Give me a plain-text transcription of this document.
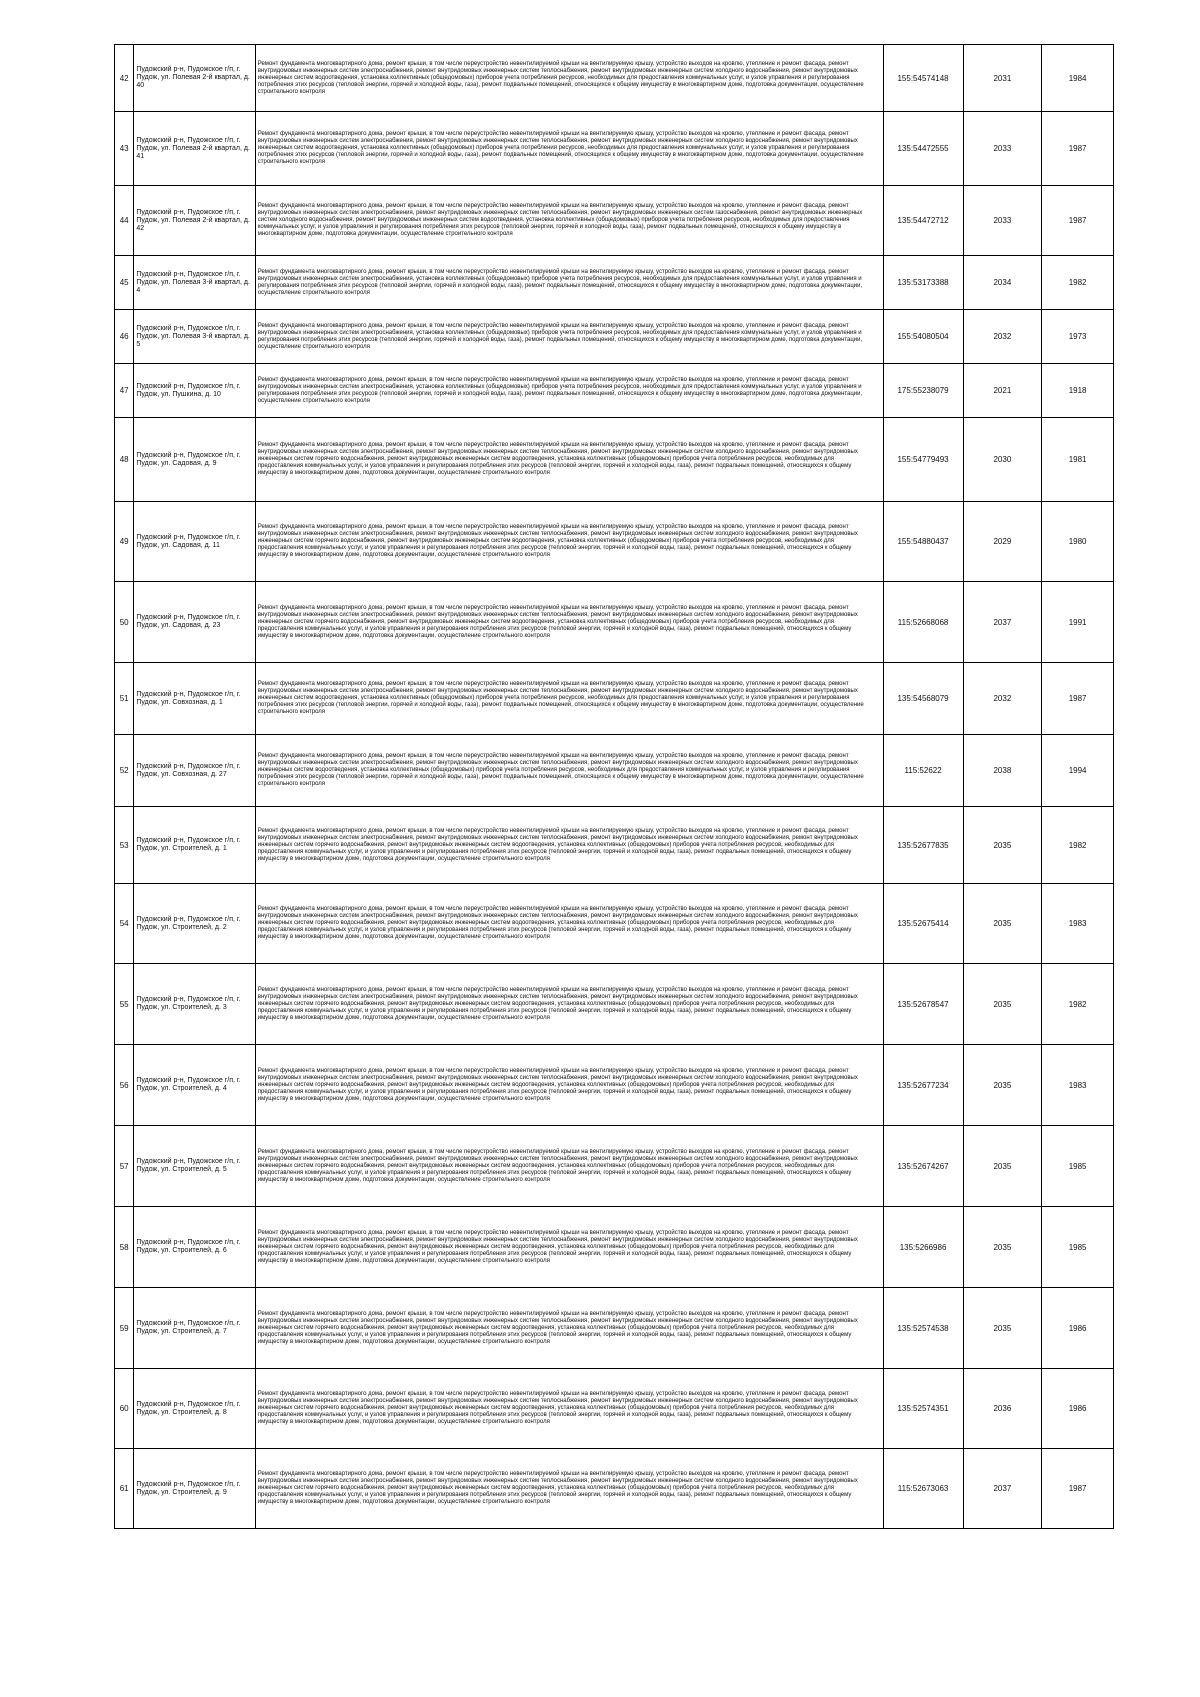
42	Пудожский р-н, Пудожское г/п, г. Пудож, ул. Полевая 2-й квартал, д. 40	Ремонт фундамента многоквартирного дома, ремонт крыши, в том числе переустройство невентилируемой крыши на вентилируемую крышу, устройство выходов на кровлю, утепление и ремонт фасада, ремонт внутридомовых инженерных систем электроснабжения, ремонт внутридомовых инженерных систем теплоснабжения, ремонт внутридомовых инженерных систем холодного водоснабжения, ремонт внутридомовых инженерных систем водоотведения, установка коллективных (общедомовых) приборов учета потребления ресурсов, необходимых для предоставления коммунальных услуг, и узлов управления и регулирования потребления этих ресурсов (тепловой энергии, горячей и холодной воды, газа), ремонт подвальных помещений, относящихся к общему имуществу в многоквартирном доме, подготовка документации, осуществление строительного контроля	155:54574148	2031	1984
43	Пудожский р-н, Пудожское г/п, г. Пудож, ул. Полевая 2-й квартал, д. 41	Ремонт фундамента многоквартирного дома, ремонт крыши, в том числе переустройство невентилируемой крыши на вентилируемую крышу, устройство выходов на кровлю, утепление и ремонт фасада, ремонт внутридомовых инженерных систем электроснабжения, ремонт внутридомовых инженерных систем теплоснабжения, ремонт внутридомовых инженерных систем холодного водоснабжения, ремонт внутридомовых инженерных систем водоотведения, установка коллективных (общедомовых) приборов учета потребления ресурсов, необходимых для предоставления коммунальных услуг, и узлов управления и регулирования потребления этих ресурсов (тепловой энергии, горячей и холодной воды, газа), ремонт подвальных помещений, относящихся к общему имуществу в многоквартирном доме, подготовка документации, осуществление строительного контроля	135:54472555	2033	1987
44	Пудожский р-н, Пудожское г/п, г. Пудож, ул. Полевая 2-й квартал, д. 42	Ремонт фундамента многоквартирного дома, ремонт крыши, в том числе переустройство невентилируемой крыши на вентилируемую крышу, устройство выходов на кровлю, утепление и ремонт фасада, ремонт внутридомовых инженерных систем электроснабжения, ремонт внутридомовых инженерных систем теплоснабжения, ремонт внутридомовых инженерных систем газоснабжения, ремонт внутридомовых инженерных систем холодного водоснабжения, ремонт внутридомовых инженерных систем водоотведения, установка коллективных (общедомовых) приборов учета потребления ресурсов, необходимых для предоставления коммунальных услуг, и узлов управления и регулирования потребления этих ресурсов (тепловой энергии, горячей и холодной воды, газа), ремонт подвальных помещений, относящихся к общему имуществу в многоквартирном доме, подготовка документации, осуществление строительного контроля	135:54472712	2033	1987
45	Пудожский р-н, Пудожское г/п, г. Пудож, ул. Полевая 3-й квартал, д. 4	Ремонт фундамента многоквартирного дома, ремонт крыши, в том числе переустройство невентилируемой крыши на вентилируемую крышу, устройство выходов на кровлю, утепление и ремонт фасада, ремонт внутридомовых инженерных систем электроснабжения, установка коллективных (общедомовых) приборов учета потребления ресурсов, необходимых для предоставления коммунальных услуг, и узлов управления и регулирования потребления этих ресурсов (тепловой энергии, горячей и холодной воды, газа), ремонт подвальных помещений, относящихся к общему имуществу в многоквартирном доме, подготовка документации, осуществление строительного контроля	135:53173388	2034	1982
46	Пудожский р-н, Пудожское г/п, г. Пудож, ул. Полевая 3-й квартал, д. 5	Ремонт фундамента многоквартирного дома, ремонт крыши, в том числе переустройство невентилируемой крыши на вентилируемую крышу, устройство выходов на кровлю, утепление и ремонт фасада, ремонт внутридомовых инженерных систем электроснабжения, установка коллективных (общедомовых) приборов учета потребления ресурсов, необходимых для предоставления коммунальных услуг, и узлов управления и регулирования потребления этих ресурсов (тепловой энергии, горячей и холодной воды, газа), ремонт подвальных помещений, относящихся к общему имуществу в многоквартирном доме, подготовка документации, осуществление строительного контроля	155:54080504	2032	1973
47	Пудожский р-н, Пудожское г/п, г. Пудож, ул. Пушкина, д. 10	Ремонт фундамента многоквартирного дома, ремонт крыши, в том числе переустройство невентилируемой крыши на вентилируемую крышу, устройство выходов на кровлю, утепление и ремонт фасада, ремонт внутридомовых инженерных систем электроснабжения, установка коллективных (общедомовых) приборов учета потребления ресурсов, необходимых для предоставления коммунальных услуг, и узлов управления и регулирования потребления этих ресурсов (тепловой энергии, горячей и холодной воды, газа), ремонт подвальных помещений, относящихся к общему имуществу в многоквартирном доме, подготовка документации, осуществление строительного контроля	175:55238079	2021	1918
48	Пудожский р-н, Пудожское г/п, г. Пудож, ул. Садовая, д. 9	Ремонт фундамента многоквартирного дома, ремонт крыши, в том числе переустройство невентилируемой крыши на вентилируемую крышу, устройство выходов на кровлю, утепление и ремонт фасада, ремонт внутридомовых инженерных систем электроснабжения, ремонт внутридомовых инженерных систем теплоснабжения, ремонт внутридомовых инженерных систем холодного водоснабжения, ремонт внутридомовых инженерных систем горячего водоснабжения, ремонт внутридомовых инженерных систем водоотведения, установка коллективных (общедомовых) приборов учета потребления ресурсов, необходимых для предоставления коммунальных услуг, и узлов управления и регулирования потребления этих ресурсов (тепловой энергии, горячей и холодной воды, газа), ремонт подвальных помещений, относящихся к общему имуществу в многоквартирном доме, подготовка документации, осуществление строительного контроля	155:54779493	2030	1981
49	Пудожский р-н, Пудожское г/п, г. Пудож, ул. Садовая, д. 11	Ремонт фундамента многоквартирного дома, ремонт крыши, в том числе переустройство невентилируемой крыши на вентилируемую крышу, устройство выходов на кровлю, утепление и ремонт фасада, ремонт внутридомовых инженерных систем электроснабжения, ремонт внутридомовых инженерных систем теплоснабжения, ремонт внутридомовых инженерных систем холодного водоснабжения, ремонт внутридомовых инженерных систем горячего водоснабжения, ремонт внутридомовых инженерных систем водоотведения, установка коллективных (общедомовых) приборов учета потребления ресурсов, необходимых для предоставления коммунальных услуг, и узлов управления и регулирования потребления этих ресурсов (тепловой энергии, горячей и холодной воды, газа), ремонт подвальных помещений, относящихся к общему имуществу в многоквартирном доме, подготовка документации, осуществление строительного контроля	155:54880437	2029	1980
50	Пудожский р-н, Пудожское г/п, г. Пудож, ул. Садовая, д. 23	Ремонт фундамента многоквартирного дома, ремонт крыши, в том числе переустройство невентилируемой крыши на вентилируемую крышу, устройство выходов на кровлю, утепление и ремонт фасада, ремонт внутридомовых инженерных систем электроснабжения, ремонт внутридомовых инженерных систем теплоснабжения, ремонт внутридомовых инженерных систем холодного водоснабжения, ремонт внутридомовых инженерных систем горячего водоснабжения, ремонт внутридомовых инженерных систем водоотведения, установка коллективных (общедомовых) приборов учета потребления ресурсов, необходимых для предоставления коммунальных услуг, и узлов управления и регулирования потребления этих ресурсов (тепловой энергии, горячей и холодной воды, газа), ремонт подвальных помещений, относящихся к общему имуществу в многоквартирном доме, подготовка документации, осуществление строительного контроля	115:52668068	2037	1991
51	Пудожский р-н, Пудожское г/п, г. Пудож, ул. Совхозная, д. 1	Ремонт фундамента многоквартирного дома, ремонт крыши, в том числе переустройство невентилируемой крыши на вентилируемую крышу, устройство выходов на кровлю, утепление и ремонт фасада, ремонт внутридомовых инженерных систем электроснабжения, ремонт внутридомовых инженерных систем теплоснабжения, ремонт внутридомовых инженерных систем холодного водоснабжения, ремонт внутридомовых инженерных систем водоотведения, установка коллективных (общедомовых) приборов учета потребления ресурсов, необходимых для предоставления коммунальных услуг, и узлов управления и регулирования потребления этих ресурсов (тепловой энергии, горячей и холодной воды, газа), ремонт подвальных помещений, относящихся к общему имуществу в многоквартирном доме, подготовка документации, осуществление строительного контроля	135:54568079	2032	1987
52	Пудожский р-н, Пудожское г/п, г. Пудож, ул. Совхозная, д. 27	Ремонт фундамента многоквартирного дома, ремонт крыши, в том числе переустройство невентилируемой крыши на вентилируемую крышу, устройство выходов на кровлю, утепление и ремонт фасада, ремонт внутридомовых инженерных систем электроснабжения, ремонт внутридомовых инженерных систем теплоснабжения, ремонт внутридомовых инженерных систем холодного водоснабжения, ремонт внутридомовых инженерных систем водоотведения, установка коллективных (общедомовых) приборов учета потребления ресурсов, необходимых для предоставления коммунальных услуг, и узлов управления и регулирования потребления этих ресурсов (тепловой энергии, горячей и холодной воды, газа), ремонт подвальных помещений, относящихся к общему имуществу в многоквартирном доме, подготовка документации, осуществление строительного контроля	115:52622	2038	1994
53	Пудожский р-н, Пудожское г/п, г. Пудож, ул. Строителей, д. 1	Ремонт фундамента многоквартирного дома, ремонт крыши, в том числе переустройство невентилируемой крыши на вентилируемую крышу, устройство выходов на кровлю, утепление и ремонт фасада, ремонт внутридомовых инженерных систем электроснабжения, ремонт внутридомовых инженерных систем теплоснабжения, ремонт внутридомовых инженерных систем холодного водоснабжения, ремонт внутридомовых инженерных систем горячего водоснабжения, ремонт внутридомовых инженерных систем водоотведения, установка коллективных (общедомовых) приборов учета потребления ресурсов, необходимых для предоставления коммунальных услуг, и узлов управления и регулирования потребления этих ресурсов (тепловой энергии, горячей и холодной воды, газа), ремонт подвальных помещений, относящихся к общему имуществу в многоквартирном доме, подготовка документации, осуществление строительного контроля	135:52677835	2035	1982
54	Пудожский р-н, Пудожское г/п, г. Пудож, ул. Строителей, д. 2	Ремонт фундамента многоквартирного дома, ремонт крыши, в том числе переустройство невентилируемой крыши на вентилируемую крышу, устройство выходов на кровлю, утепление и ремонт фасада, ремонт внутридомовых инженерных систем электроснабжения, ремонт внутридомовых инженерных систем теплоснабжения, ремонт внутридомовых инженерных систем холодного водоснабжения, ремонт внутридомовых инженерных систем горячего водоснабжения, ремонт внутридомовых инженерных систем водоотведения, установка коллективных (общедомовых) приборов учета потребления ресурсов, необходимых для предоставления коммунальных услуг, и узлов управления и регулирования потребления этих ресурсов (тепловой энергии, горячей и холодной воды, газа), ремонт подвальных помещений, относящихся к общему имуществу в многоквартирном доме, подготовка документации, осуществление строительного контроля	135:52675414	2035	1983
55	Пудожский р-н, Пудожское г/п, г. Пудож, ул. Строителей, д. 3	Ремонт фундамента многоквартирного дома, ремонт крыши, в том числе переустройство невентилируемой крыши на вентилируемую крышу, устройство выходов на кровлю, утепление и ремонт фасада, ремонт внутридомовых инженерных систем электроснабжения, ремонт внутридомовых инженерных систем теплоснабжения, ремонт внутридомовых инженерных систем холодного водоснабжения, ремонт внутридомовых инженерных систем горячего водоснабжения, ремонт внутридомовых инженерных систем водоотведения, установка коллективных (общедомовых) приборов учета потребления ресурсов, необходимых для предоставления коммунальных услуг, и узлов управления и регулирования потребления этих ресурсов (тепловой энергии, горячей и холодной воды, газа), ремонт подвальных помещений, относящихся к общему имуществу в многоквартирном доме, подготовка документации, осуществление строительного контроля	135:52678547	2035	1982
56	Пудожский р-н, Пудожское г/п, г. Пудож, ул. Строителей, д. 4	Ремонт фундамента многоквартирного дома, ремонт крыши, в том числе переустройство невентилируемой крыши на вентилируемую крышу, устройство выходов на кровлю, утепление и ремонт фасада, ремонт внутридомовых инженерных систем электроснабжения, ремонт внутридомовых инженерных систем теплоснабжения, ремонт внутридомовых инженерных систем холодного водоснабжения, ремонт внутридомовых инженерных систем горячего водоснабжения, ремонт внутридомовых инженерных систем водоотведения, установка коллективных (общедомовых) приборов учета потребления ресурсов, необходимых для предоставления коммунальных услуг, и узлов управления и регулирования потребления этих ресурсов (тепловой энергии, горячей и холодной воды, газа), ремонт подвальных помещений, относящихся к общему имуществу в многоквартирном доме, подготовка документации, осуществление строительного контроля	135:52677234	2035	1983
57	Пудожский р-н, Пудожское г/п, г. Пудож, ул. Строителей, д. 5	Ремонт фундамента многоквартирного дома, ремонт крыши, в том числе переустройство невентилируемой крыши на вентилируемую крышу, устройство выходов на кровлю, утепление и ремонт фасада, ремонт внутридомовых инженерных систем электроснабжения, ремонт внутридомовых инженерных систем теплоснабжения, ремонт внутридомовых инженерных систем холодного водоснабжения, ремонт внутридомовых инженерных систем горячего водоснабжения, ремонт внутридомовых инженерных систем водоотведения, установка коллективных (общедомовых) приборов учета потребления ресурсов, необходимых для предоставления коммунальных услуг, и узлов управления и регулирования потребления этих ресурсов (тепловой энергии, горячей и холодной воды, газа), ремонт подвальных помещений, относящихся к общему имуществу в многоквартирном доме, подготовка документации, осуществление строительного контроля	135:52674267	2035	1985
58	Пудожский р-н, Пудожское г/п, г. Пудож, ул. Строителей, д. 6	Ремонт фундамента многоквартирного дома, ремонт крыши, в том числе переустройство невентилируемой крыши на вентилируемую крышу, устройство выходов на кровлю, утепление и ремонт фасада, ремонт внутридомовых инженерных систем электроснабжения, ремонт внутридомовых инженерных систем теплоснабжения, ремонт внутридомовых инженерных систем холодного водоснабжения, ремонт внутридомовых инженерных систем горячего водоснабжения, ремонт внутридомовых инженерных систем водоотведения, установка коллективных (общедомовых) приборов учета потребления ресурсов, необходимых для предоставления коммунальных услуг, и узлов управления и регулирования потребления этих ресурсов (тепловой энергии, горячей и холодной воды, газа), ремонт подвальных помещений, относящихся к общему имуществу в многоквартирном доме, подготовка документации, осуществление строительного контроля	135:5266986	2035	1985
59	Пудожский р-н, Пудожское г/п, г. Пудож, ул. Строителей, д. 7	Ремонт фундамента многоквартирного дома, ремонт крыши, в том числе переустройство невентилируемой крыши на вентилируемую крышу, устройство выходов на кровлю, утепление и ремонт фасада, ремонт внутридомовых инженерных систем электроснабжения, ремонт внутридомовых инженерных систем теплоснабжения, ремонт внутридомовых инженерных систем холодного водоснабжения, ремонт внутридомовых инженерных систем горячего водоснабжения, ремонт внутридомовых инженерных систем водоотведения, установка коллективных (общедомовых) приборов учета потребления ресурсов, необходимых для предоставления коммунальных услуг, и узлов управления и регулирования потребления этих ресурсов (тепловой энергии, горячей и холодной воды, газа), ремонт подвальных помещений, относящихся к общему имуществу в многоквартирном доме, подготовка документации, осуществление строительного контроля	135:52574538	2035	1986
60	Пудожский р-н, Пудожское г/п, г. Пудож, ул. Строителей, д. 8	Ремонт фундамента многоквартирного дома, ремонт крыши, в том числе переустройство невентилируемой крыши на вентилируемую крышу, устройство выходов на кровлю, утепление и ремонт фасада, ремонт внутридомовых инженерных систем электроснабжения, ремонт внутридомовых инженерных систем теплоснабжения, ремонт внутридомовых инженерных систем холодного водоснабжения, ремонт внутридомовых инженерных систем горячего водоснабжения, ремонт внутридомовых инженерных систем водоотведения, установка коллективных (общедомовых) приборов учета потребления ресурсов, необходимых для предоставления коммунальных услуг, и узлов управления и регулирования потребления этих ресурсов (тепловой энергии, горячей и холодной воды, газа), ремонт подвальных помещений, относящихся к общему имуществу в многоквартирном доме, подготовка документации, осуществление строительного контроля	135:52574351	2036	1986
61	Пудожский р-н, Пудожское г/п, г. Пудож, ул. Строителей, д. 9	Ремонт фундамента многоквартирного дома, ремонт крыши, в том числе переустройство невентилируемой крыши на вентилируемую крышу, устройство выходов на кровлю, утепление и ремонт фасада, ремонт внутридомовых инженерных систем электроснабжения, ремонт внутридомовых инженерных систем теплоснабжения, ремонт внутридомовых инженерных систем холодного водоснабжения, ремонт внутридомовых инженерных систем горячего водоснабжения, ремонт внутридомовых инженерных систем водоотведения, установка коллективных (общедомовых) приборов учета потребления ресурсов, необходимых для предоставления коммунальных услуг, и узлов управления и регулирования потребления этих ресурсов (тепловой энергии, горячей и холодной воды, газа), ремонт подвальных помещений, относящихся к общему имуществу в многоквартирном доме, подготовка документации, осуществление строительного контроля	115:52673063	2037	1987
